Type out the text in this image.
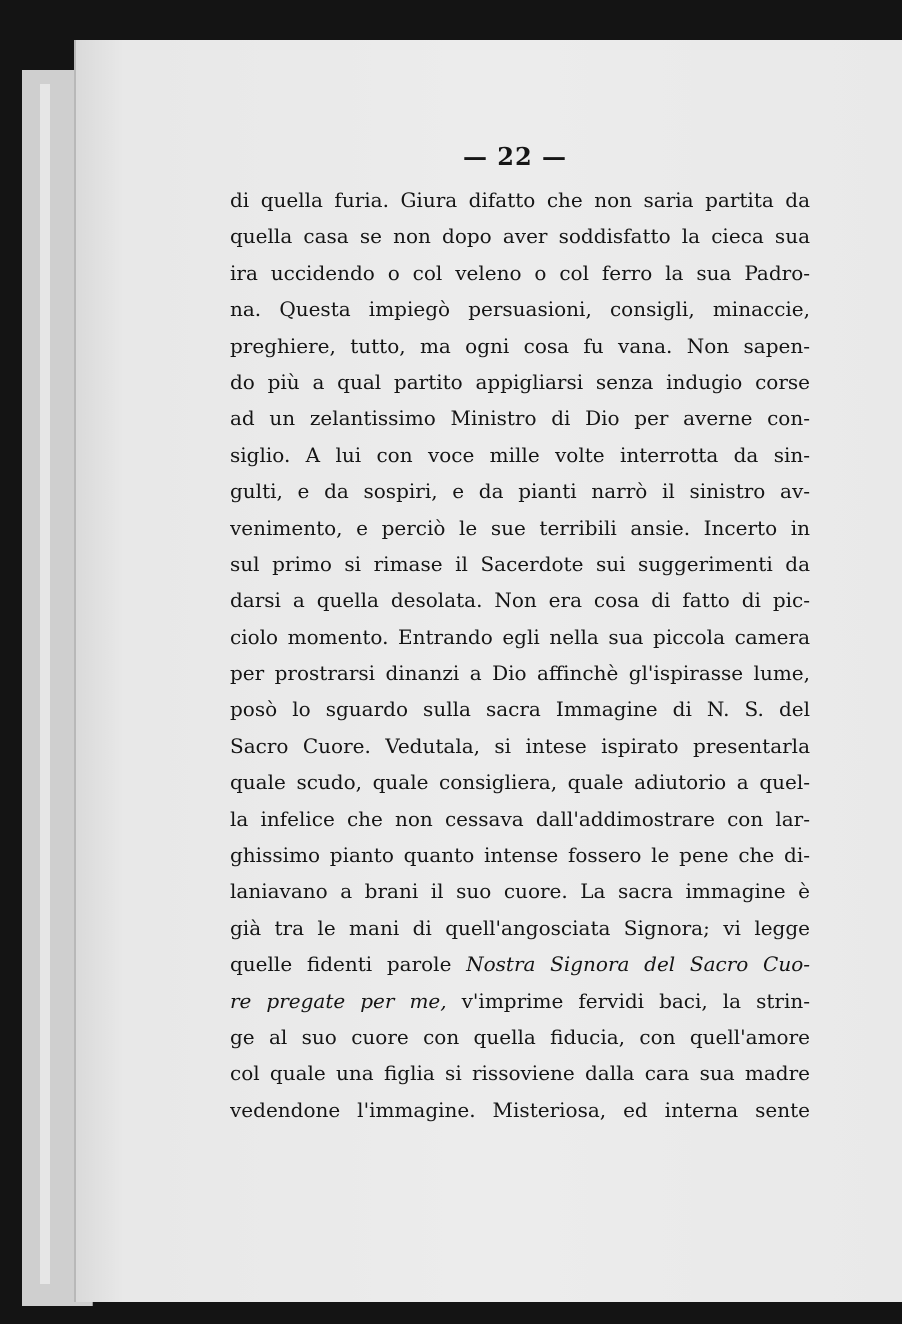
— 22 —
di quella furia. Giura difatto che non saria partita da
quella casa se non dopo aver soddisfatto la cieca sua
ira uccidendo o col veleno o col ferro la sua Padro-
na. Questa impiegò persuasioni, consigli, minaccie,
preghiere, tutto, ma ogni cosa fu vana. Non sapen-
do più a qual partito appigliarsi senza indugio corse
ad un zelantissimo Ministro di Dio per averne con-
siglio. A lui con voce mille volte interrotta da sin-
gulti, e da sospiri, e da pianti narrò il sinistro av-
venimento, e perciò le sue terribili ansie. Incerto in
sul primo si rimase il Sacerdote sui suggerimenti da
darsi a quella desolata. Non era cosa di fatto di pic-
ciolo momento. Entrando egli nella sua piccola camera
per prostrarsi dinanzi a Dio affinchè gl'ispirasse lume,
posò lo sguardo sulla sacra Immagine di N. S. del
Sacro Cuore. Vedutala, si intese ispirato presentarla
quale scudo, quale consigliera, quale adiutorio a quel-
la infelice che non cessava dall'addimostrare con lar-
ghissimo pianto quanto intense fossero le pene che di-
laniavano a brani il suo cuore. La sacra immagine è
già tra le mani di quell'angosciata Signora; vi legge
quelle fidenti parole Nostra Signora del Sacro Cuo-
re pregate per me, v'imprime fervidi baci, la strin-
ge al suo cuore con quella fiducia, con quell'amore
col quale una figlia si rissoviene dalla cara sua madre
vedendone l'immagine. Misteriosa, ed interna sente
